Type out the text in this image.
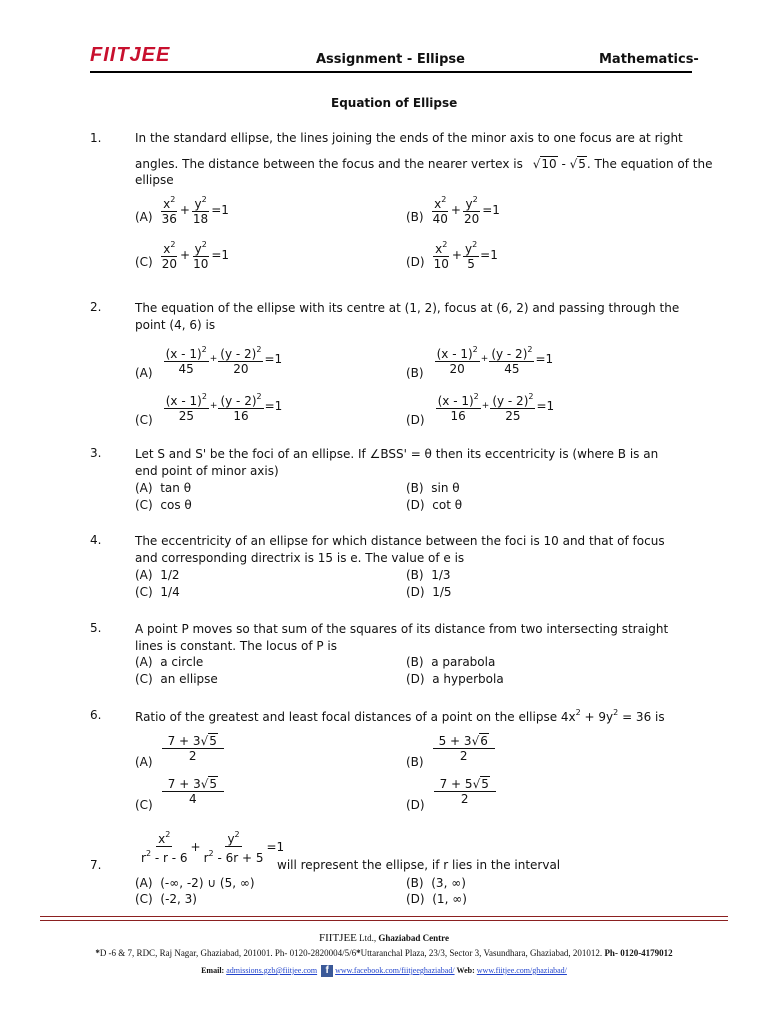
FIITJEE	Assignment - Ellipse	Mathematics-
Equation of Ellipse
1.	In the standard ellipse, the lines joining the ends of the minor axis to one focus are at right
angles. The distance between the focus and the nearer vertex is √10 - √5. The equation of the
ellipse
$(A) \frac{x^2}{36} + \frac{y^2}{18} =1$	$(B) \frac{x^2}{40} + \frac{y^2}{20} =1$
$(C) \frac{x^2}{20} + \frac{y^2}{10} =1$	$(D) \frac{x^2}{10} + \frac{y^2}{5} =1$
2.	The equation of the ellipse with its centre at (1, 2), focus at (6, 2) and passing through the point (4, 6) is
$(A) \frac{(x - 1)^2}{45} + \frac{(y - 2)^2}{20} =1$
$(B) \frac{(x - 1)^2}{20} + \frac{(y - 2)^2}{45} =1$
$(C) \frac{(x - 1)^2}{25} + \frac{(y - 2)^2}{16} =1$
$(D) \frac{(x - 1)^2}{16} + \frac{(y - 2)^2}{25} =1$
3.	Let S and S' be the foci of an ellipse. If ∠BSS' = θ then its eccentricity is (where B is an end point of minor axis)
(A) tan θ	(B) sin θ
(C) cos θ	(D) cot θ
4.	The eccentricity of an ellipse for which distance between the foci is 10 and that of focus and corresponding directrix is 15 is e. The value of e is
(A) 1/2	(B) 1/3
(C) 1/4	(D) 1/5
5.	A point P moves so that sum of the squares of its distance from two intersecting straight lines is constant. The locus of P is
(A) a circle	(B) a parabola
(C) an ellipse	(D) a hyperbola
6.	Ratio of the greatest and least focal distances of a point on the ellipse $4x^2 + 9y^2 = 36$ is
$(A) \frac{7 + 3√5}{2}$	$(B) \frac{5 + 3√6}{2}$
$(C) \frac{7 + 3√5}{4}$	$(D) \frac{7 + 5√5}{2}$
$\frac{x^2}{r^2 - r - 6} + \frac{y^2}{r^2 - 6r + 5} =1$
7.	will represent the ellipse, if r lies in the interval
(A) (-∞, -2) ∪ (5, ∞)	(B) (3, ∞)
(C) (-2, 3)	(D) (1, ∞)
FIITJEE Ltd., Ghaziabad Centre
*D -6 & 7, RDC, Raj Nagar, Ghaziabad, 201001. Ph- 0120-2820004/5/6*Uttaranchal Plaza, 23/3, Sector 3, Vasundhara, Ghaziabad, 201012. Ph- 0120-4179012
Email: admissions.gzb@fiitjee.com f www.facebook.com/fiitjeeghaziabad/ Web: www.fiitjee.com/ghaziabad/
